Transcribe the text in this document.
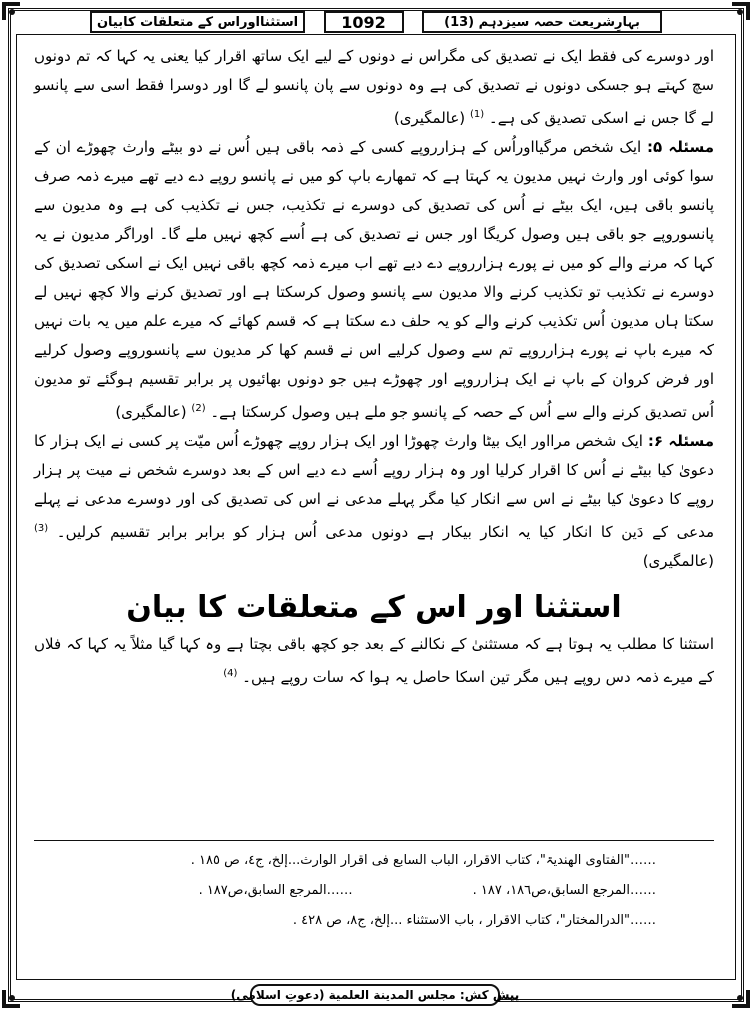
استثنااوراس کے متعلقات کابیان	1092	بہارِشریعت حصہ سیزدہم (13)

اور دوسرے کی فقط ایک نے تصدیق کی مگراس نے دونوں کے لیے ایک ساتھ اقرار کیا یعنی یہ کہا کہ تم دونوں سچ کہتے ہو جسکی دونوں نے تصدیق کی ہے وہ دونوں سے پان پانسو لے گا اور دوسرا فقط اسی سے پانسو لے گا جس نے اسکی تصدیق کی ہے۔ $^{(1)}$ (عالمگیری)

مسئلہ ۵: ایک شخص مرگیااوراُس کے ہزارروپے کسی کے ذمہ باقی ہیں اُس نے دو بیٹے وارث چھوڑے ان کے سوا کوئی اور وارث نہیں مدیون یہ کہتا ہے کہ تمھارے باپ کو میں نے پانسو روپے دے دیے تھے میرے ذمہ صرف پانسو باقی ہیں، ایک بیٹے نے اُس کی تصدیق کی دوسرے نے تکذیب، جس نے تکذیب کی ہے وہ مدیون سے پانسوروپے جو باقی ہیں وصول کریگا اور جس نے تصدیق کی ہے اُسے کچھ نہیں ملے گا۔ اوراگر مدیون نے یہ کہا کہ مرنے والے کو میں نے پورے ہزارروپے دے دیے تھے اب میرے ذمہ کچھ باقی نہیں ایک نے اسکی تصدیق کی دوسرے نے تکذیب تو تکذیب کرنے والا مدیون سے پانسو وصول کرسکتا ہے اور تصدیق کرنے والا کچھ نہیں لے سکتا ہاں مدیون اُس تکذیب کرنے والے کو یہ حلف دے سکتا ہے کہ قسم کھائے کہ میرے علم میں یہ بات نہیں کہ میرے باپ نے پورے ہزارروپے تم سے وصول کرلیے اس نے قسم کھا کر مدیون سے پانسوروپے وصول کرلیے اور فرض کروان کے باپ نے ایک ہزارروپے اور چھوڑے ہیں جو دونوں بھائیوں پر برابر تقسیم ہوگئے تو مدیون اُس تصدیق کرنے والے سے اُس کے حصہ کے پانسو جو ملے ہیں وصول کرسکتا ہے۔ $^{(2)}$ (عالمگیری)

مسئلہ ۶: ایک شخص مرااور ایک بیٹا وارث چھوڑا اور ایک ہزار روپے چھوڑے اُس میّت پر کسی نے ایک ہزار کا دعویٰ کیا بیٹے نے اُس کا اقرار کرلیا اور وہ ہزار روپے اُسے دے دیے اس کے بعد دوسرے شخص نے میت پر ہزار روپے کا دعویٰ کیا بیٹے نے اس سے انکار کیا مگر پہلے مدعی نے اس کی تصدیق کی اور دوسرے مدعی نے پہلے مدعی کے دَین کا انکار کیا یہ انکار بیکار ہے دونوں مدعی اُس ہزار کو برابر برابر تقسیم کرلیں۔ $^{(3)}$ (عالمگیری)

استثنا اور اس کے متعلقات کا بیان

استثنا کا مطلب یہ ہوتا ہے کہ مستثنیٰ کے نکالنے کے بعد جو کچھ باقی بچتا ہے وہ کہا گیا مثلاً یہ کہا کہ فلاں کے میرے ذمہ دس روپے ہیں مگر تین اسکا حاصل یہ ہوا کہ سات روپے ہیں۔ $^{(4)}$

……"الفتاوی الھندیۃ"، کتاب الاقرار، الباب السابع فی اقرار الوارث...إلخ، ج٤، ص ١٨٥ .
……المرجع السابق،ص١٨٦، ١٨٧ .
……المرجع السابق،ص١٨٧ .
……"الدرالمختار"، کتاب الاقرار ، باب الاستثناء ...إلخ، ج٨، ص ٤٢٨ .
پیش کش: مجلس المدينة العلمية (دعوتِ اسلامی)
